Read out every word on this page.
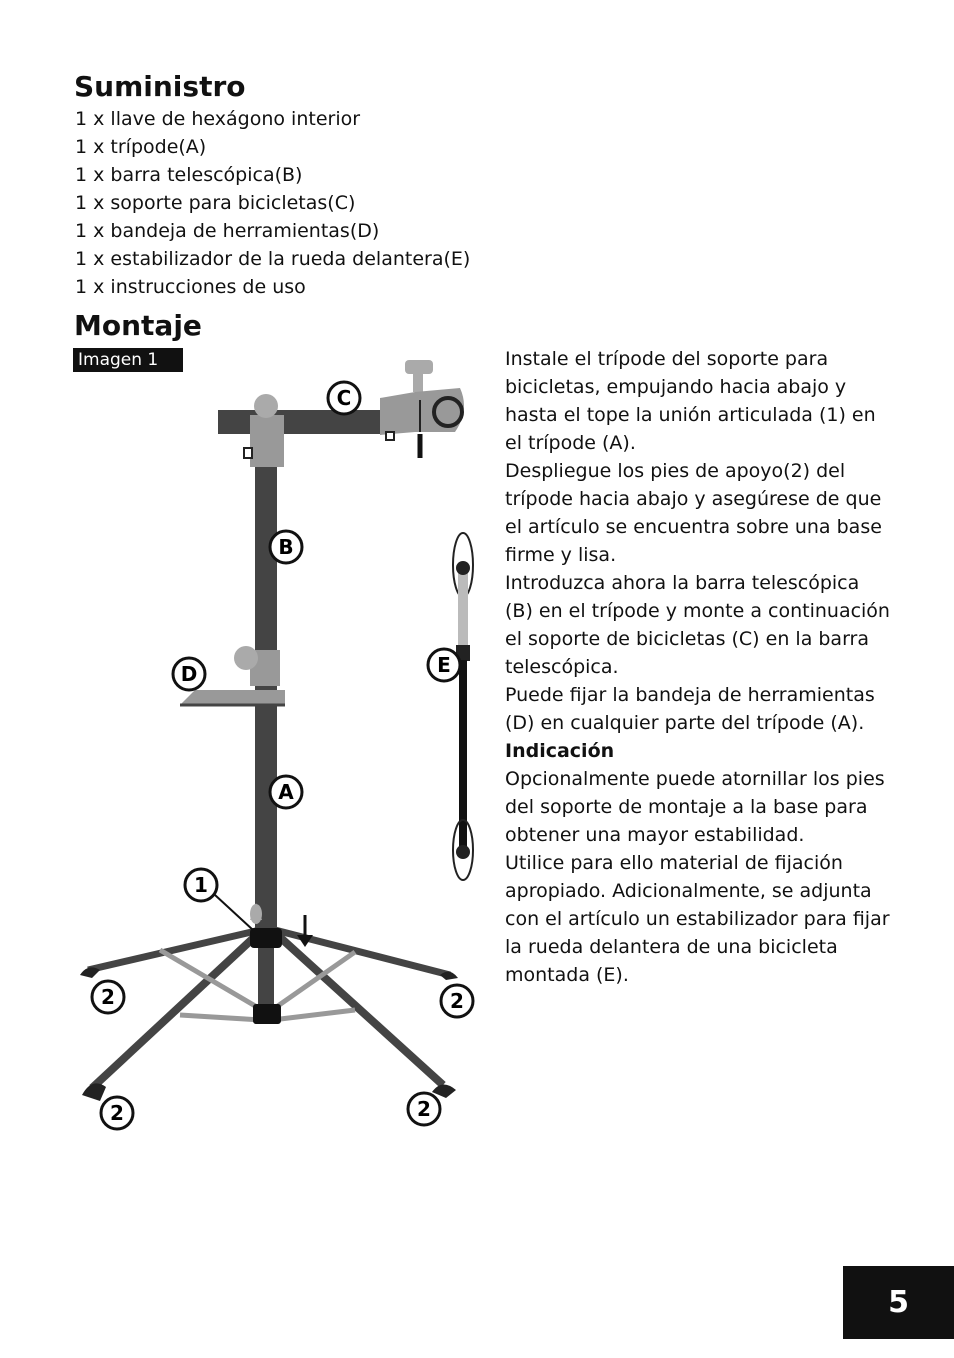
Suministro
1 x llave de hexágono interior
1 x trípode(A)
1 x barra telescópica(B)
1 x soporte para bicicletas(C)
1 x bandeja de herramientas(D)
1 x estabilizador de la rueda delantera(E)
1 x instrucciones de uso
Montaje
Imagen 1
C
B
D	E
A
1
2	2
2	2

Instale el trípode del soporte para bicicletas, empujando hacia abajo y hasta el tope la unión articulada (1) en el trípode (A).

Despliegue los pies de apoyo(2) del trípode hacia abajo y asegúrese de que el artículo se encuentra sobre una base firme y lisa.

Introduzca ahora la barra telescópica (B) en el trípode y monte a continuación el soporte de bicicletas (C) en la barra telescópica.

Puede fijar la bandeja de herramientas (D) en cualquier parte del trípode (A).

Indicación

Opcionalmente puede atornillar los pies del soporte de montaje a la base para obtener una mayor estabilidad.

Utilice para ello material de fijación apropiado. Adicionalmente, se adjunta con el artículo un estabilizador para fijar la rueda delantera de una bicicleta montada (E).

5
